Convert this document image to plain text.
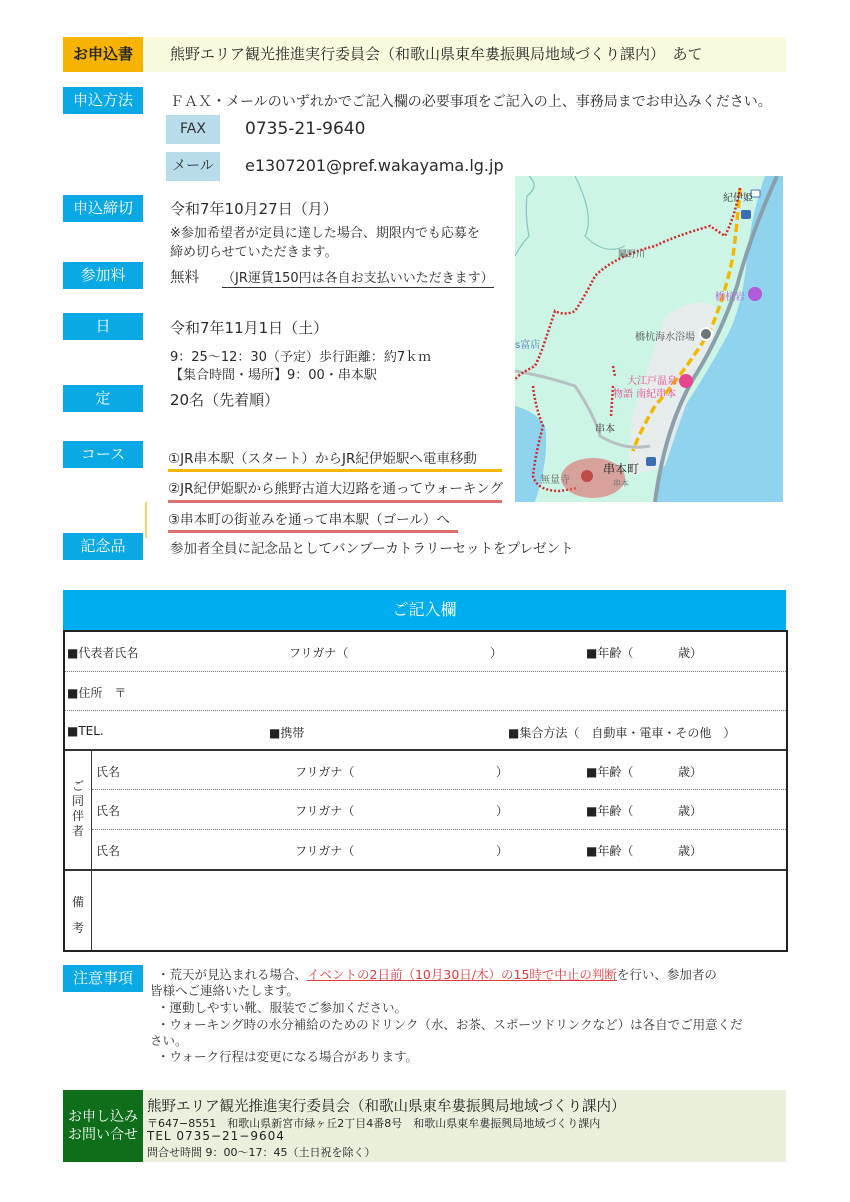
お申込書	熊野エリア観光推進実行委員会（和歌山県東牟婁振興局地域づくり課内）　あて
申込方法	ＦＡＸ・メールのいずれかでご記入欄の必要事項をご記入の上、事務局までお申込みください。
FAX	0735-21-9640
メール	e1307201@pref.wakayama.lg.jp
申込締切	令和7年10月27日（月）
※参加希望者が定員に達した場合、期限内でも応募を
締め切らせていただきます。
参加料	無料 （JR運賃150円は各自お支払いいただきます）
日　時
令和7年11月1日（土）
9：25～12：30（予定）歩行距離：約7ｋｍ
【集合時間・場所】9：00・串本駅
定　員
20名（先着順）
コース	①JR串本駅（スタート）からJR紀伊姫駅へ電車移動
②JR紀伊姫駅から熊野古道大辺路を通ってウォーキング
③串本町の街並みを通って串本駅（ゴール）へ
記念品	参加者全員に記念品としてバンブーカトラリーセットをプレゼント
紀伊姫
鬮野川
橋杭岩
橋杭海水浴場
s富店
大江戸温泉
物語 南紀串本
串本
串本町
無量寺	串本
ご記入欄
■代表者氏名	フリガナ（	）	■年齢（	歳）
■住所　〒
■TEL.	■携帯	■集合方法（　自動車・電車・その他　）
ご
同
伴
者
氏名	フリガナ（	）	■年齢（	歳）
氏名	フリガナ（	）	■年齢（	歳）
氏名	フリガナ（	）	■年齢（	歳）
備
考
注意事項	・荒天が見込まれる場合、イベントの2日前（10月30日/木）の15時で中止の判断を行い、参加者の
皆様へご連絡いたします。
・運動しやすい靴、服装でご参加ください。
・ウォーキング時の水分補給のためのドリンク（水、お茶、スポーツドリンクなど）は各自でご用意くだ
さい。
・ウォーク行程は変更になる場合があります。
お申し込み
お問い合せ
熊野エリア観光推進実行委員会（和歌山県東牟婁振興局地域づくり課内）
〒647−8551　和歌山県新宮市緑ヶ丘2丁目4番8号　和歌山県東牟婁振興局地域づくり課内
TEL 0735−21−9604
問合せ時間 9：00～17：45（土日祝を除く）
